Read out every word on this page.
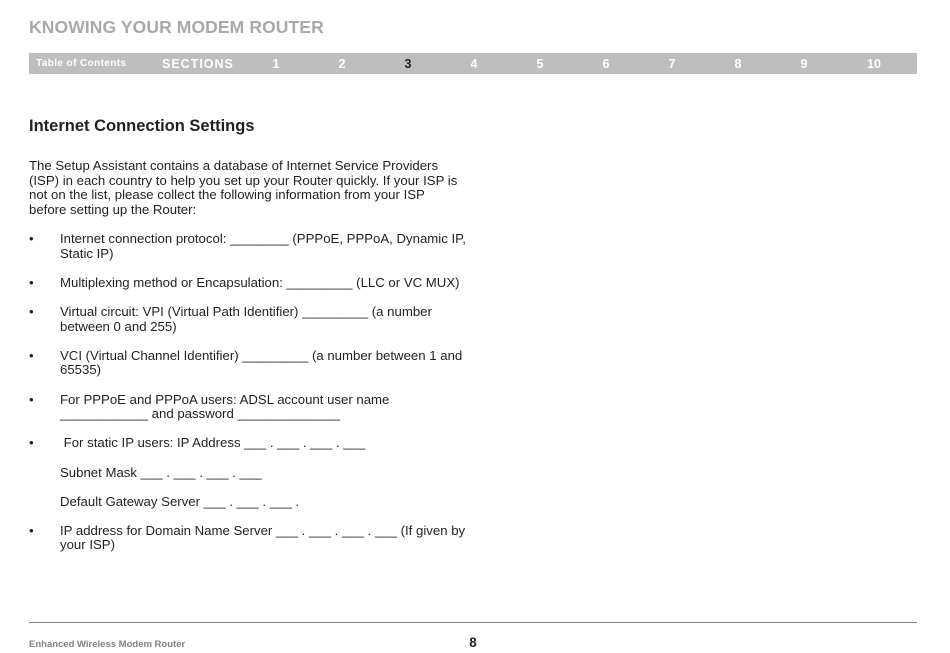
KNOWING YOUR MODEM ROUTER
Table of Contents	SECTIONS	1	2	3	4	5	6	7	8	9	10
Internet Connection Settings

The Setup Assistant contains a database of Internet Service Providers (ISP) in each country to help you set up your Router quickly. If your ISP is not on the list, please collect the following information from your ISP before setting up the Router:

• Internet connection protocol: ________ (PPPoE, PPPoA, Dynamic IP, Static IP)
• Multiplexing method or Encapsulation: _________ (LLC or VC MUX)
• Virtual circuit: VPI (Virtual Path Identifier) _________ (a number between 0 and 255)
• VCI (Virtual Channel Identifier) _________ (a number between 1 and 65535)
• For PPPoE and PPPoA users: ADSL account user name ____________ and password ______________
• For static IP users: IP Address ___ . ___ . ___ . ___
Subnet Mask ___ . ___ . ___ . ___
Default Gateway Server ___ . ___ . ___ .
• IP address for Domain Name Server ___ . ___ . ___ . ___ (If given by your ISP)
Enhanced Wireless Modem Router	8
